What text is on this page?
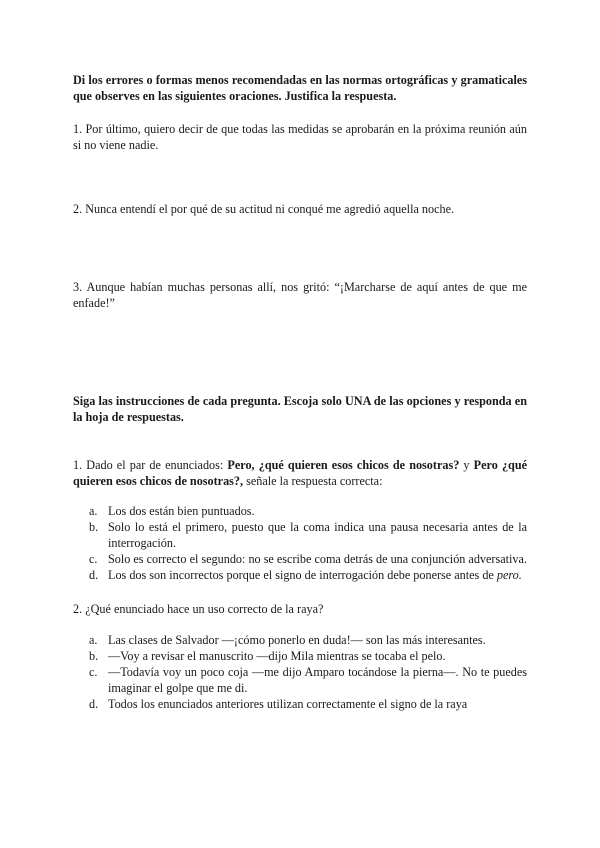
Di los errores o formas menos recomendadas en las normas ortográficas y gramaticales que observes en las siguientes oraciones. Justifica la respuesta.

1. Por último, quiero decir de que todas las medidas se aprobarán en la próxima reunión aún si no viene nadie.

2. Nunca entendí el por qué de su actitud ni conqué me agredió aquella noche.

3. Aunque habían muchas personas allí, nos gritó: “¡Marcharse de aquí antes de que me enfade!”

Siga las instrucciones de cada pregunta. Escoja solo UNA de las opciones y responda en la hoja de respuestas.

1. Dado el par de enunciados: Pero, ¿qué quieren esos chicos de nosotras? y Pero ¿qué quieren esos chicos de nosotras?, señale la respuesta correcta:

a. Los dos están bien puntuados.
b. Solo lo está el primero, puesto que la coma indica una pausa necesaria antes de la interrogación.
c. Solo es correcto el segundo: no se escribe coma detrás de una conjunción adversativa.
d. Los dos son incorrectos porque el signo de interrogación debe ponerse antes de pero.

2. ¿Qué enunciado hace un uso correcto de la raya?

a. Las clases de Salvador —¡cómo ponerlo en duda!— son las más interesantes.
b. —Voy a revisar el manuscrito —dijo Mila mientras se tocaba el pelo.
c. —Todavía voy un poco coja —me dijo Amparo tocándose la pierna—. No te puedes imaginar el golpe que me di.
d. Todos los enunciados anteriores utilizan correctamente el signo de la raya
